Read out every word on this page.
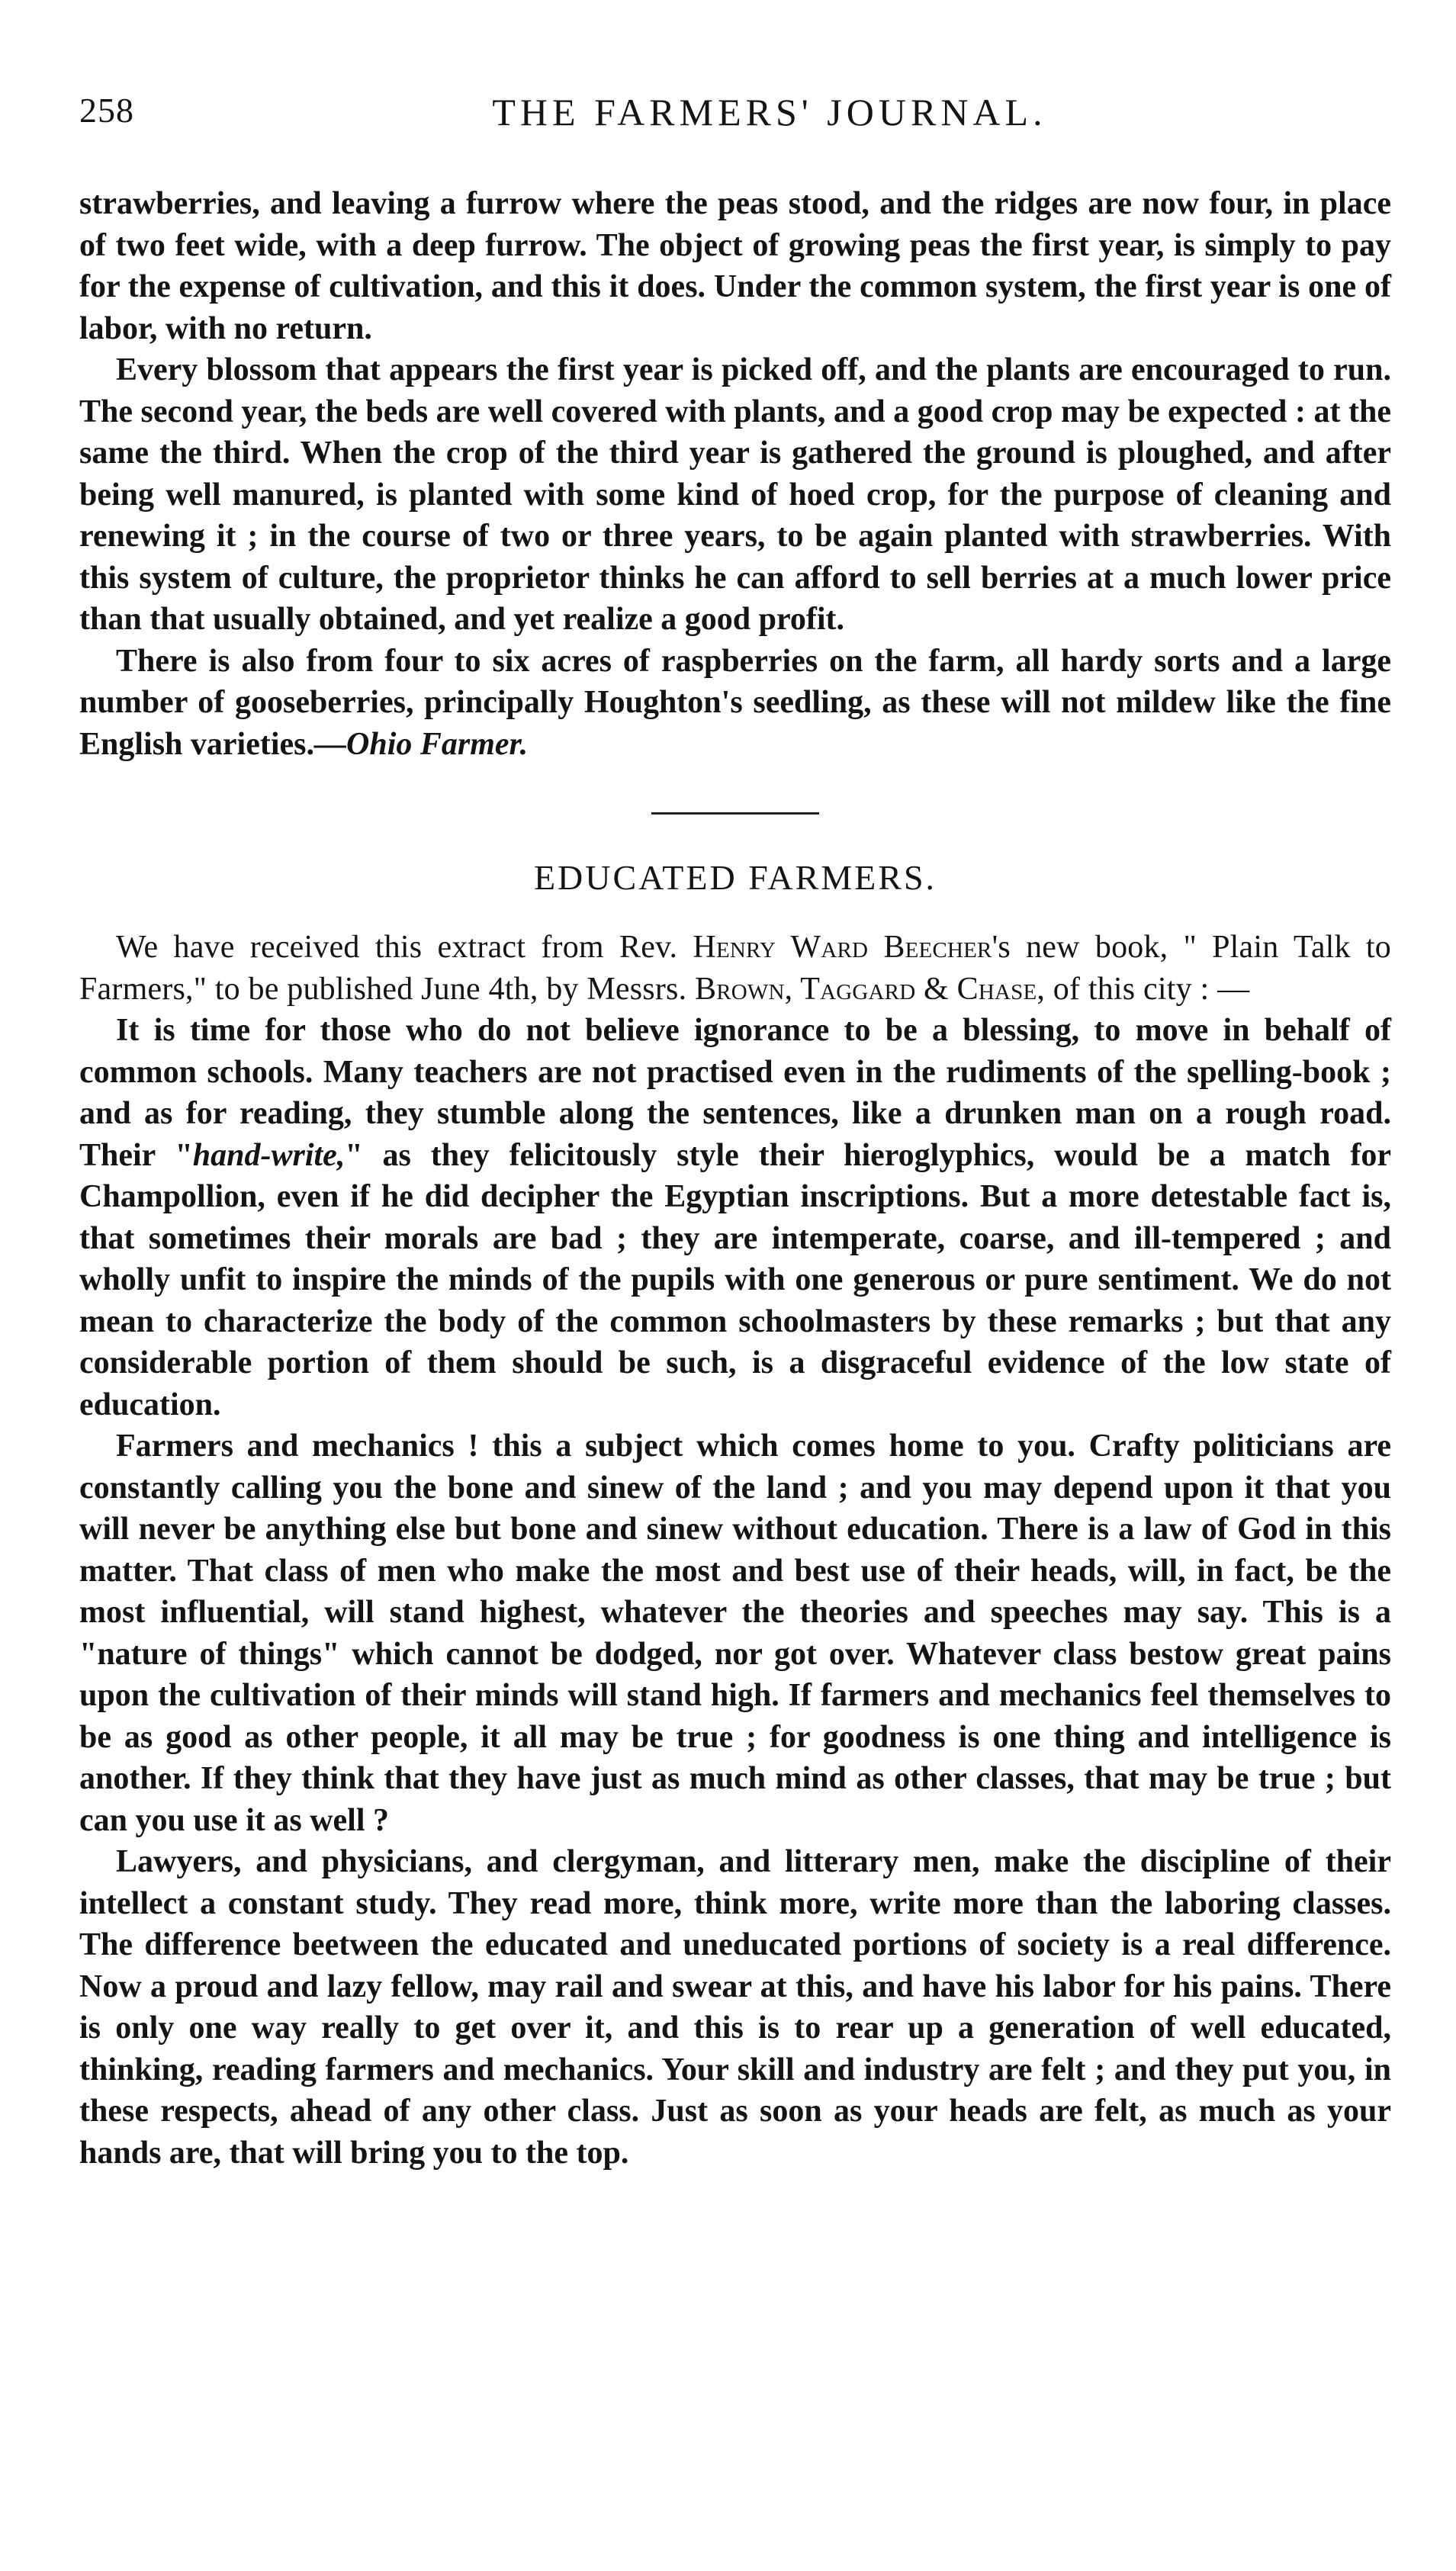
258	THE FARMERS' JOURNAL.

strawberries, and leaving a furrow where the peas stood, and the ridges are now four, in place of two feet wide, with a deep furrow. The object of growing peas the first year, is simply to pay for the expense of cultivation, and this it does. Under the common system, the first year is one of labor, with no return.

Every blossom that appears the first year is picked off, and the plants are encouraged to run. The second year, the beds are well covered with plants, and a good crop may be expected : at the same the third. When the crop of the third year is gathered the ground is ploughed, and after being well manured, is planted with some kind of hoed crop, for the purpose of cleaning and renewing it ; in the course of two or three years, to be again planted with strawberries. With this system of culture, the proprietor thinks he can afford to sell berries at a much lower price than that usually obtained, and yet realize a good profit.

There is also from four to six acres of raspberries on the farm, all hardy sorts and a large number of gooseberries, principally Houghton's seedling, as these will not mildew like the fine English varieties.—Ohio Farmer.

EDUCATED FARMERS.

We have received this extract from Rev. Henry Ward Beecher's new book, " Plain Talk to Farmers," to be published June 4th, by Messrs. Brown, Taggard & Chase, of this city : —

It is time for those who do not believe ignorance to be a blessing, to move in behalf of common schools. Many teachers are not practised even in the rudiments of the spelling-book ; and as for reading, they stumble along the sentences, like a drunken man on a rough road. Their "hand-write," as they felicitously style their hieroglyphics, would be a match for Champollion, even if he did decipher the Egyptian inscriptions. But a more detestable fact is, that sometimes their morals are bad ; they are intemperate, coarse, and ill-tempered ; and wholly unfit to inspire the minds of the pupils with one generous or pure sentiment. We do not mean to characterize the body of the common schoolmasters by these remarks ; but that any considerable portion of them should be such, is a disgraceful evidence of the low state of education.

Farmers and mechanics ! this a subject which comes home to you. Crafty politicians are constantly calling you the bone and sinew of the land ; and you may depend upon it that you will never be anything else but bone and sinew without education. There is a law of God in this matter. That class of men who make the most and best use of their heads, will, in fact, be the most influential, will stand highest, whatever the theories and speeches may say. This is a "nature of things" which cannot be dodged, nor got over. Whatever class bestow great pains upon the cultivation of their minds will stand high. If farmers and mechanics feel themselves to be as good as other people, it all may be true ; for goodness is one thing and intelligence is another. If they think that they have just as much mind as other classes, that may be true ; but can you use it as well ?

Lawyers, and physicians, and clergyman, and litterary men, make the discipline of their intellect a constant study. They read more, think more, write more than the laboring classes. The difference beetween the educated and uneducated portions of society is a real difference. Now a proud and lazy fellow, may rail and swear at this, and have his labor for his pains. There is only one way really to get over it, and this is to rear up a generation of well educated, thinking, reading farmers and mechanics. Your skill and industry are felt ; and they put you, in these respects, ahead of any other class. Just as soon as your heads are felt, as much as your hands are, that will bring you to the top.
